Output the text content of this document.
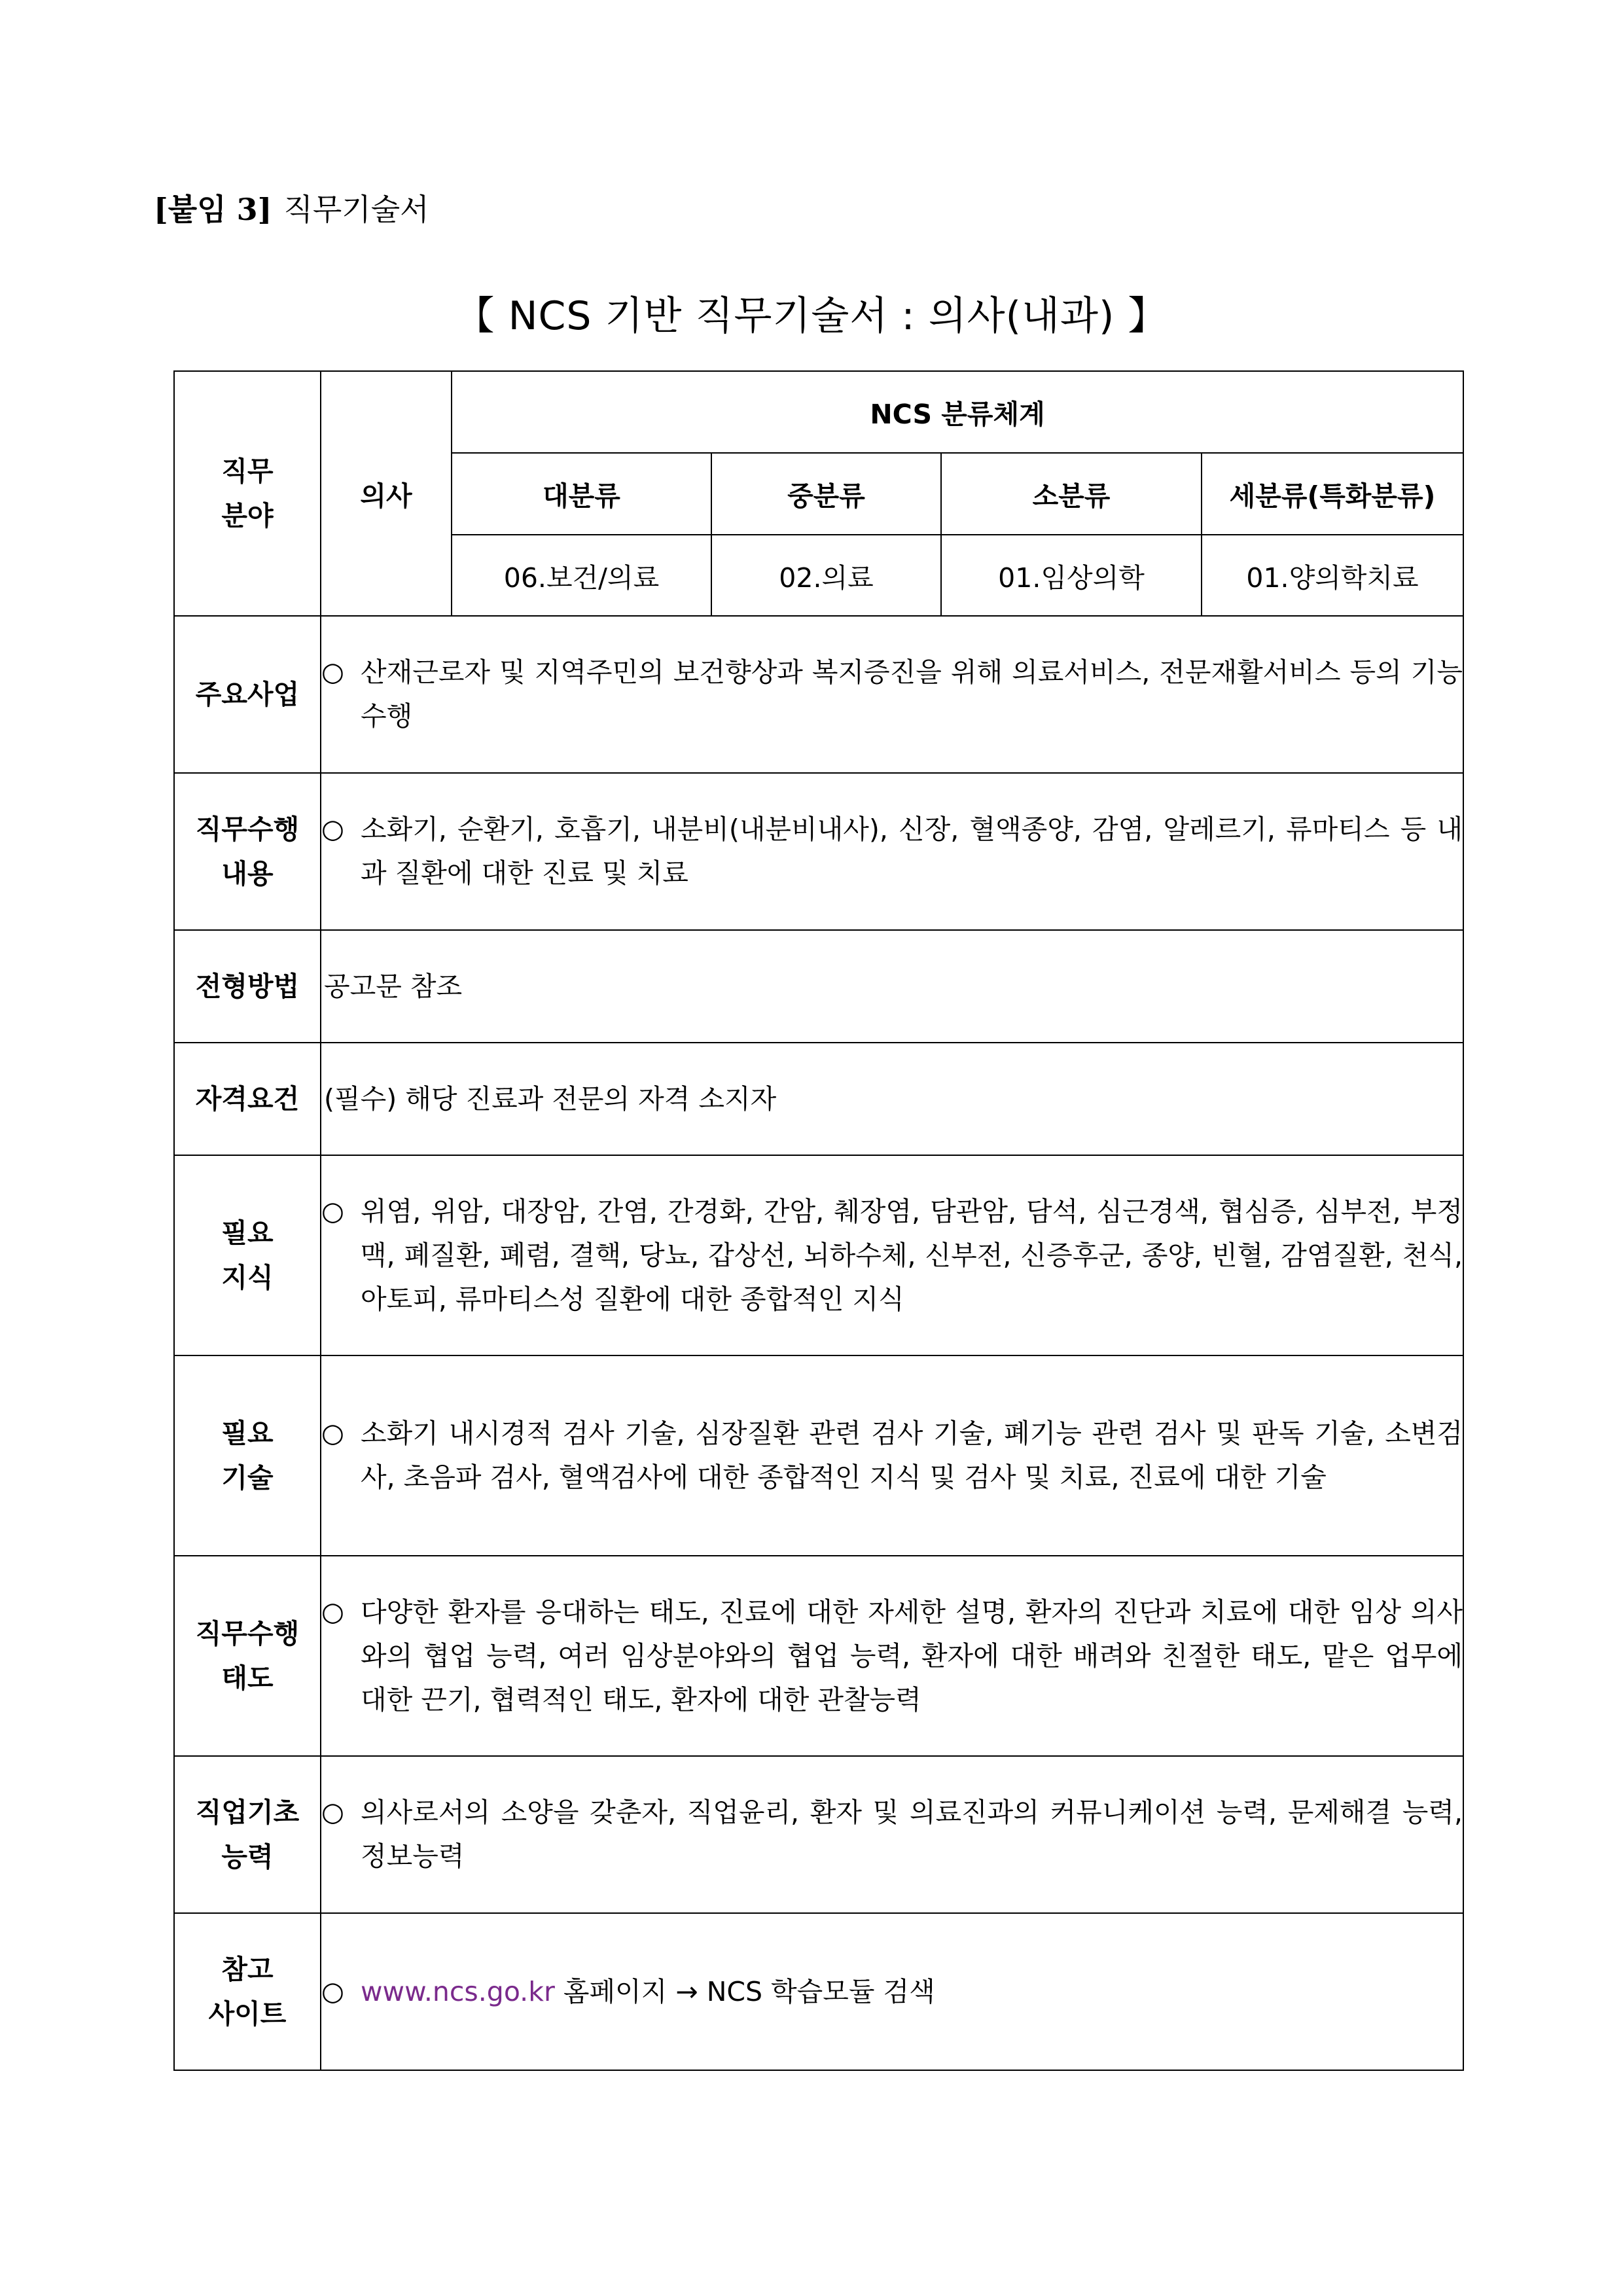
[붙임 3] 직무기술서
【 NCS 기반 직무기술서 : 의사(내과) 】
직무
분야	의사	NCS 분류체계			
		대분류	중분류	소분류	세분류(특화분류)
		06.보건/의료	02.의료	01.임상의학	01.양의학치료
주요사업	○ 산재근로자 및 지역주민의 보건향상과 복지증진을 위해 의료서비스, 전문재활서비스 등의 기능 수행				

직무수행
내용	○ 소화기, 순환기, 호흡기, 내분비(내분비내사), 신장, 혈액종양, 감염, 알레르기, 류마티스 등 내과 질환에 대한 진료 및 치료				

전형방법	공고문 참조				

자격요건	(필수) 해당 진료과 전문의 자격 소지자				

필요
지식	○ 위염, 위암, 대장암, 간염, 간경화, 간암, 췌장염, 담관암, 담석, 심근경색, 협심증, 심부전, 부정맥, 폐질환, 폐렴, 결핵, 당뇨, 갑상선, 뇌하수체, 신부전, 신증후군, 종양, 빈혈, 감염질환, 천식, 아토피, 류마티스성 질환에 대한 종합적인 지식				

필요
기술	○ 소화기 내시경적 검사 기술, 심장질환 관련 검사 기술, 폐기능 관련 검사 및 판독 기술, 소변검사, 초음파 검사, 혈액검사에 대한 종합적인 지식 및 검사 및 치료, 진료에 대한 기술				

직무수행
태도	○ 다양한 환자를 응대하는 태도, 진료에 대한 자세한 설명, 환자의 진단과 치료에 대한 임상 의사와의 협업 능력, 여러 임상분야와의 협업 능력, 환자에 대한 배려와 친절한 태도, 맡은 업무에 대한 끈기, 협력적인 태도, 환자에 대한 관찰능력				

직업기초
능력	○ 의사로서의 소양을 갖춘자, 직업윤리, 환자 및 의료진과의 커뮤니케이션 능력, 문제해결 능력, 정보능력				

참고
사이트	○ www.ncs.go.kr 홈페이지 → NCS 학습모듈 검색				
